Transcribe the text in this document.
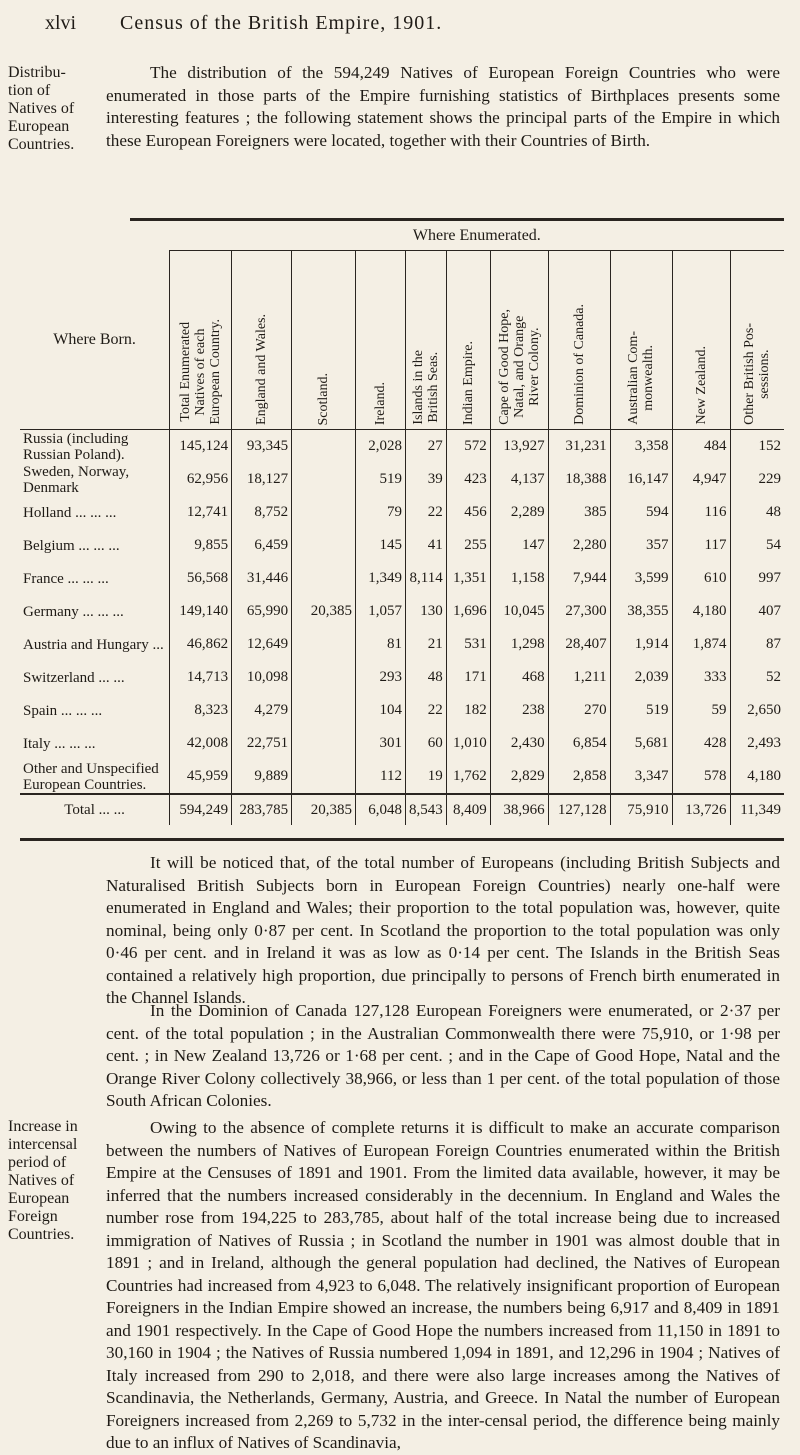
xlvi Census of the British Empire, 1901.
Distribu-
tion of
Natives of
European
Countries.
The distribution of the 594,249 Natives of European Foreign Countries who were enumerated in those parts of the Empire furnishing statistics of Birthplaces presents some interesting features ; the following statement shows the principal parts of the Empire in which these European Foreigners were located, together with their Countries of Birth.
	Where Enumerated.										
Where Born.	Total Enumerated
Natives of each
European Country.	England and Wales.	Scotland.	Ireland.	Islands in the
British Seas.	Indian Empire.	Cape of Good Hope,
Natal, and Orange
River Colony.	Dominion of Canada.	Australian Com-
monwealth.	New Zealand.	Other British Pos-
sessions.

Russia (including Russian Poland).	145,124	93,345		2,028	27	572	13,927	31,231	3,358	484	152
Sweden, Norway, Denmark	62,956	18,127		519	39	423	4,137	18,388	16,147	4,947	229
Holland ... ... ...	12,741	8,752		79	22	456	2,289	385	594	116	48
Belgium ... ... ...	9,855	6,459		145	41	255	147	2,280	357	117	54
France ... ... ...	56,568	31,446		1,349	8,114	1,351	1,158	7,944	3,599	610	997
Germany ... ... ...	149,140	65,990	20,385	1,057	130	1,696	10,045	27,300	38,355	4,180	407
Austria and Hungary ...	46,862	12,649		81	21	531	1,298	28,407	1,914	1,874	87
Switzerland ... ...	14,713	10,098		293	48	171	468	1,211	2,039	333	52
Spain ... ... ...	8,323	4,279		104	22	182	238	270	519	59	2,650
Italy ... ... ...	42,008	22,751		301	60	1,010	2,430	6,854	5,681	428	2,493
Other and Unspecified European Countries.	45,959	9,889		112	19	1,762	2,829	2,858	3,347	578	4,180
Total ... ...	594,249	283,785	20,385	6,048	8,543	8,409	38,966	127,128	75,910	13,726	11,349
It will be noticed that, of the total number of Europeans (including British Subjects and Naturalised British Subjects born in European Foreign Countries) nearly one-half were enumerated in England and Wales; their proportion to the total population was, however, quite nominal, being only 0·87 per cent. In Scotland the proportion to the total population was only 0·46 per cent. and in Ireland it was as low as 0·14 per cent. The Islands in the British Seas contained a relatively high proportion, due principally to persons of French birth enumerated in the Channel Islands.
In the Dominion of Canada 127,128 European Foreigners were enumerated, or 2·37 per cent. of the total population ; in the Australian Commonwealth there were 75,910, or 1·98 per cent. ; in New Zealand 13,726 or 1·68 per cent. ; and in the Cape of Good Hope, Natal and the Orange River Colony collectively 38,966, or less than 1 per cent. of the total population of those South African Colonies.
Increase in
intercensal
period of
Natives of
European
Foreign
Countries.
Owing to the absence of complete returns it is difficult to make an accurate comparison between the numbers of Natives of European Foreign Countries enumerated within the British Empire at the Censuses of 1891 and 1901. From the limited data available, however, it may be inferred that the numbers increased considerably in the decennium. In England and Wales the number rose from 194,225 to 283,785, about half of the total increase being due to increased immigration of Natives of Russia ; in Scotland the number in 1901 was almost double that in 1891 ; and in Ireland, although the general population had declined, the Natives of European Countries had increased from 4,923 to 6,048. The relatively insignificant proportion of European Foreigners in the Indian Empire showed an increase, the numbers being 6,917 and 8,409 in 1891 and 1901 respectively. In the Cape of Good Hope the numbers increased from 11,150 in 1891 to 30,160 in 1904 ; the Natives of Russia numbered 1,094 in 1891, and 12,296 in 1904 ; Natives of Italy increased from 290 to 2,018, and there were also large increases among the Natives of Scandinavia, the Netherlands, Germany, Austria, and Greece. In Natal the number of European Foreigners increased from 2,269 to 5,732 in the inter-censal period, the difference being mainly due to an influx of Natives of Scandinavia,
